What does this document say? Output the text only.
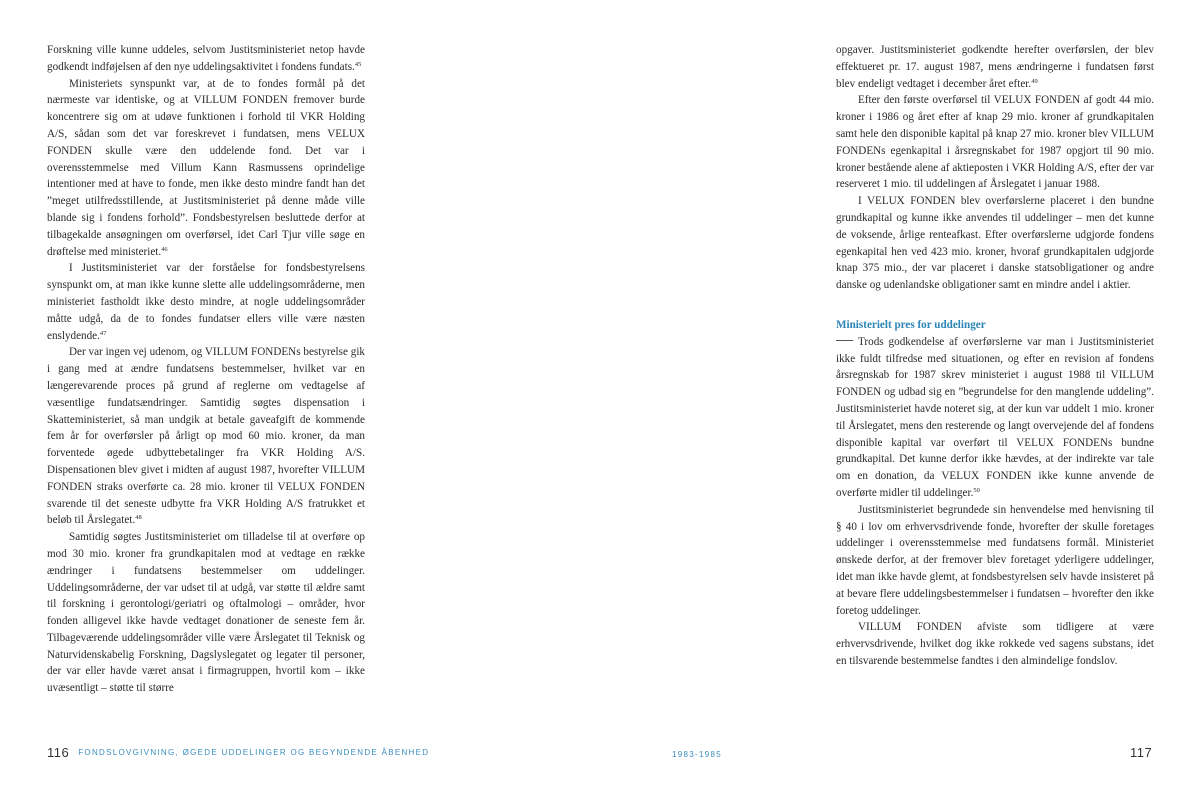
Forskning ville kunne uddeles, selvom Justitsministeriet netop havde godkendt indføjelsen af den nye uddelingsaktivitet i fondens fundats.$^{45}$

Ministeriets synspunkt var, at de to fondes formål på det nærmeste var identiske, og at VILLUM FONDEN fremover burde koncentrere sig om at udøve funktionen i forhold til VKR Holding A/S, sådan som det var foreskrevet i fundatsen, mens VELUX FONDEN skulle være den uddelende fond. Det var i overensstemmelse med Villum Kann Rasmussens oprindelige intentioner med at have to fonde, men ikke desto mindre fandt han det ”meget utilfredsstillende, at Justitsministeriet på denne måde ville blande sig i fondens forhold”. Fondsbestyrelsen besluttede derfor at tilbagekalde ansøgningen om overførsel, idet Carl Tjur ville søge en drøftelse med ministeriet.$^{46}$

I Justitsministeriet var der forståelse for fondsbestyrelsens synspunkt om, at man ikke kunne slette alle uddelingsområderne, men ministeriet fastholdt ikke desto mindre, at nogle uddelingsområder måtte udgå, da de to fondes fundatser ellers ville være næsten enslydende.$^{47}$

Der var ingen vej udenom, og VILLUM FONDENs bestyrelse gik i gang med at ændre fundatsens bestemmelser, hvilket var en længerevarende proces på grund af reglerne om vedtagelse af væsentlige fundatsændringer. Samtidig søgtes dispensation i Skatteministeriet, så man undgik at betale gaveafgift de kommende fem år for overførsler på årligt op mod 60 mio. kroner, da man forventede øgede udbyttebetalinger fra VKR Holding A/S. Dispensationen blev givet i midten af august 1987, hvorefter VILLUM FONDEN straks overførte ca. 28 mio. kroner til VELUX FONDEN svarende til det seneste udbytte fra VKR Holding A/S fratrukket et beløb til Årslegatet.$^{48}$

Samtidig søgtes Justitsministeriet om tilladelse til at overføre op mod 30 mio. kroner fra grundkapitalen mod at vedtage en række ændringer i fundatsens bestemmelser om uddelinger. Uddelingsområderne, der var udset til at udgå, var støtte til ældre samt til forskning i gerontologi/geriatri og oftalmologi – områder, hvor fonden alligevel ikke havde vedtaget donationer de seneste fem år. Tilbageværende uddelingsområder ville være Årslegatet til Teknisk og Naturvidenskabelig Forskning, Dagslyslegatet og legater til personer, der var eller havde været ansat i firmagruppen, hvortil kom – ikke uvæsentligt – støtte til større

opgaver. Justitsministeriet godkendte herefter overførslen, der blev effektueret pr. 17. august 1987, mens ændringerne i fundatsen først blev endeligt vedtaget i december året efter.$^{49}$

Efter den første overførsel til VELUX FONDEN af godt 44 mio. kroner i 1986 og året efter af knap 29 mio. kroner af grundkapitalen samt hele den disponible kapital på knap 27 mio. kroner blev VILLUM FONDENs egenkapital i årsregnskabet for 1987 opgjort til 90 mio. kroner bestående alene af aktieposten i VKR Holding A/S, efter der var reserveret 1 mio. til uddelingen af Årslegatet i januar 1988.

I VELUX FONDEN blev overførslerne placeret i den bundne grundkapital og kunne ikke anvendes til uddelinger – men det kunne de voksende, årlige renteafkast. Efter overførslerne udgjorde fondens egenkapital hen ved 423 mio. kroner, hvoraf grundkapitalen udgjorde knap 375 mio., der var placeret i danske statsobligationer og andre danske og udenlandske obligationer samt en mindre andel i aktier.

Ministerielt pres for uddelinger

Trods godkendelse af overførslerne var man i Justitsministeriet ikke fuldt tilfredse med situationen, og efter en revision af fondens årsregnskab for 1987 skrev ministeriet i august 1988 til VILLUM FONDEN og udbad sig en ”begrundelse for den manglende uddeling”. Justitsministeriet havde noteret sig, at der kun var uddelt 1 mio. kroner til Årslegatet, mens den resterende og langt overvejende del af fondens disponible kapital var overført til VELUX FONDENs bundne grundkapital. Det kunne derfor ikke hævdes, at der indirekte var tale om en donation, da VELUX FONDEN ikke kunne anvende de overførte midler til uddelinger.$^{50}$

Justitsministeriet begrundede sin henvendelse med henvisning til § 40 i lov om erhvervsdrivende fonde, hvorefter der skulle foretages uddelinger i overensstemmelse med fundatsens formål. Ministeriet ønskede derfor, at der fremover blev foretaget yderligere uddelinger, idet man ikke havde glemt, at fondsbestyrelsen selv havde insisteret på at bevare flere uddelingsbestemmelser i fundatsen – hvorefter den ikke foretog uddelinger.

VILLUM FONDEN afviste som tidligere at være erhvervsdrivende, hvilket dog ikke rokkede ved sagens substans, idet en tilsvarende bestemmelse fandtes i den almindelige fondslov.

116 FONDSLOVGIVNING, ØGEDE UDDELINGER OG BEGYNDENDE ÅBENHED	1983-1985	117
